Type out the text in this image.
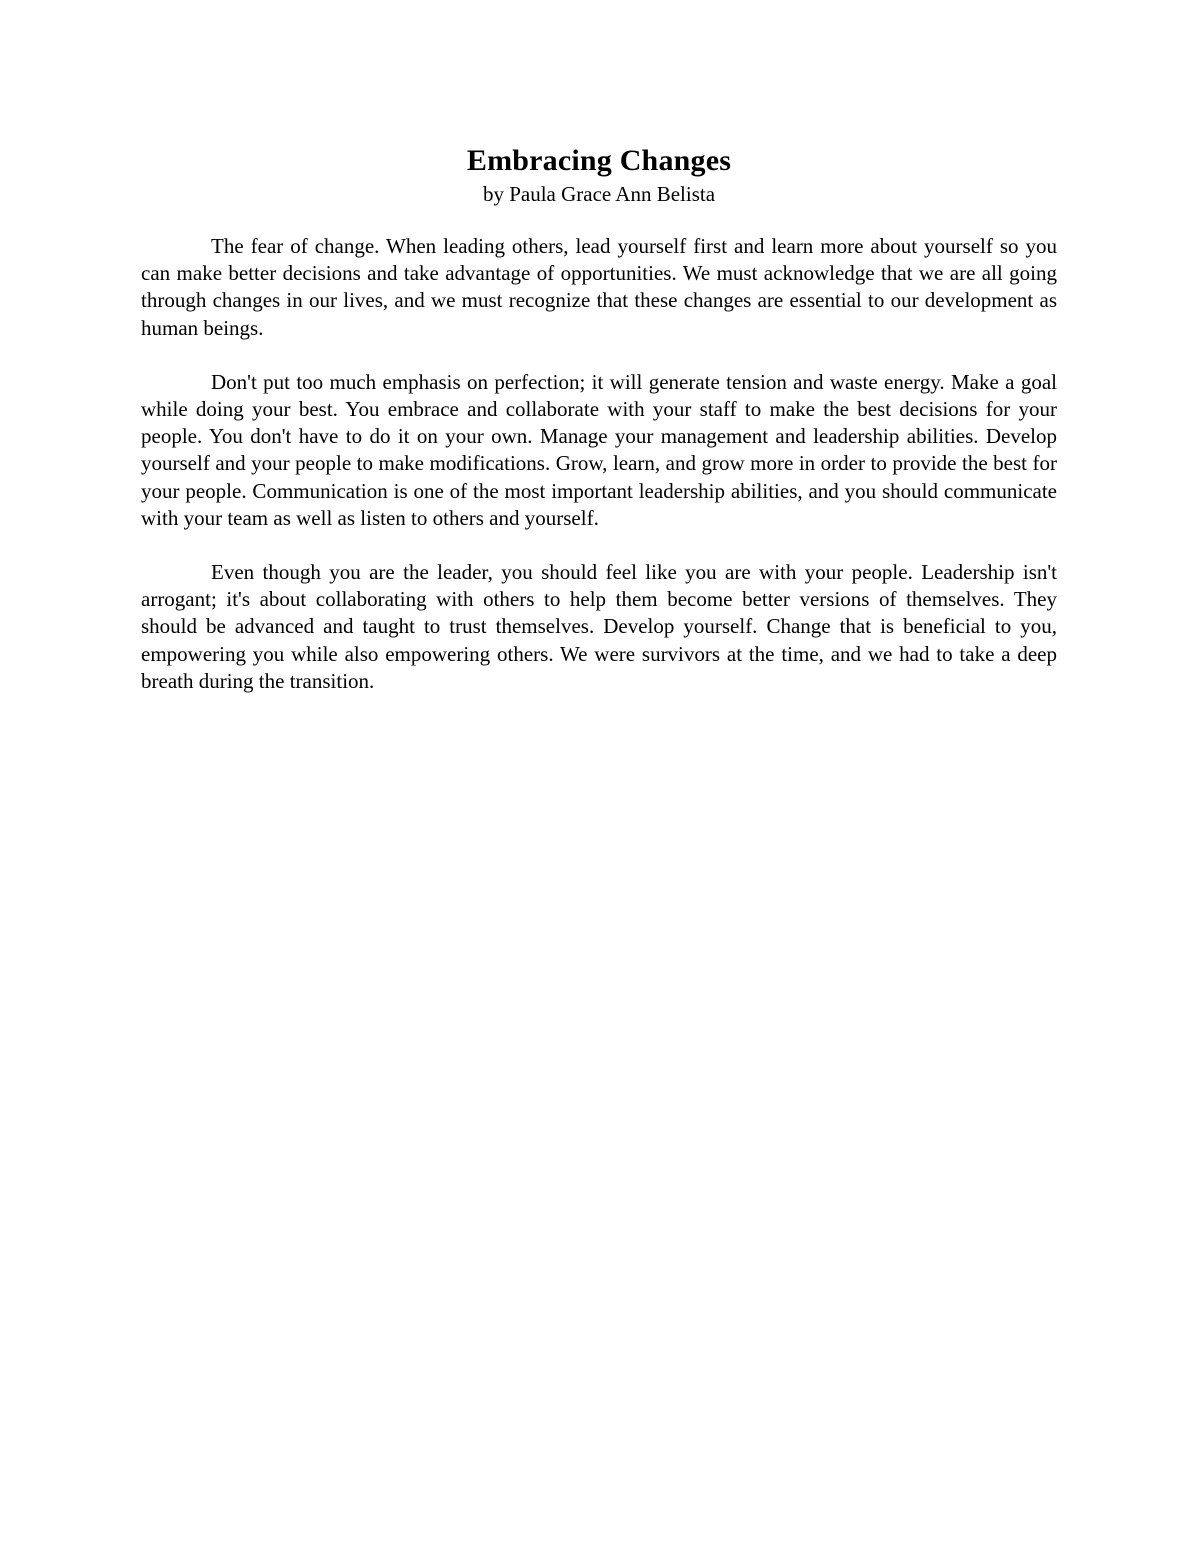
Embracing Changes

by Paula Grace Ann Belista

The fear of change. When leading others, lead yourself first and learn more about yourself so you can make better decisions and take advantage of opportunities. We must acknowledge that we are all going through changes in our lives, and we must recognize that these changes are essential to our development as human beings.

Don't put too much emphasis on perfection; it will generate tension and waste energy. Make a goal while doing your best. You embrace and collaborate with your staff to make the best decisions for your people. You don't have to do it on your own. Manage your management and leadership abilities. Develop yourself and your people to make modifications. Grow, learn, and grow more in order to provide the best for your people. Communication is one of the most important leadership abilities, and you should communicate with your team as well as listen to others and yourself.

Even though you are the leader, you should feel like you are with your people. Leadership isn't arrogant; it's about collaborating with others to help them become better versions of themselves. They should be advanced and taught to trust themselves. Develop yourself. Change that is beneficial to you, empowering you while also empowering others. We were survivors at the time, and we had to take a deep breath during the transition.
